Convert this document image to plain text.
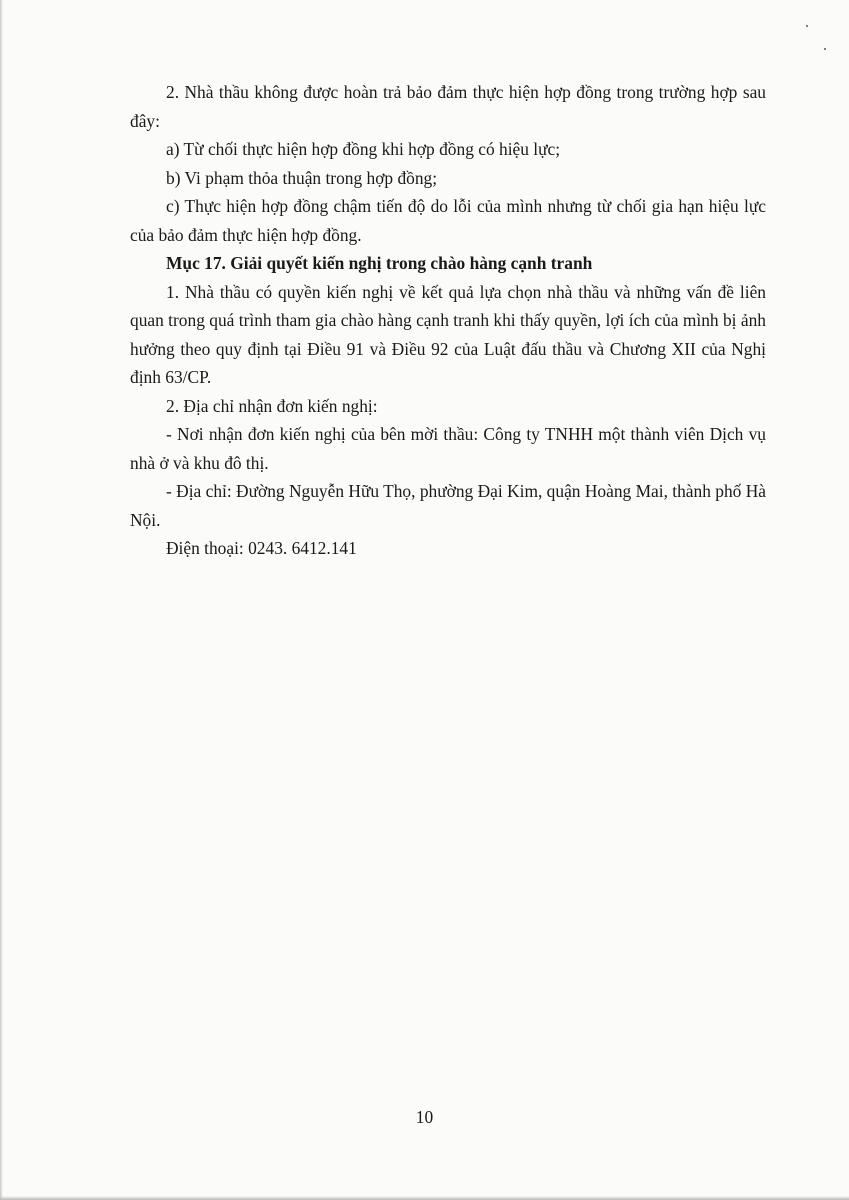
2. Nhà thầu không được hoàn trả bảo đảm thực hiện hợp đồng trong trường hợp sau đây:

a) Từ chối thực hiện hợp đồng khi hợp đồng có hiệu lực;

b) Vi phạm thỏa thuận trong hợp đồng;

c) Thực hiện hợp đồng chậm tiến độ do lỗi của mình nhưng từ chối gia hạn hiệu lực của bảo đảm thực hiện hợp đồng.

Mục 17. Giải quyết kiến nghị trong chào hàng cạnh tranh

1. Nhà thầu có quyền kiến nghị về kết quả lựa chọn nhà thầu và những vấn đề liên quan trong quá trình tham gia chào hàng cạnh tranh khi thấy quyền, lợi ích của mình bị ảnh hưởng theo quy định tại Điều 91 và Điều 92 của Luật đấu thầu và Chương XII của Nghị định 63/CP.

2. Địa chỉ nhận đơn kiến nghị:

- Nơi nhận đơn kiến nghị của bên mời thầu: Công ty TNHH một thành viên Dịch vụ nhà ở và khu đô thị.

- Địa chỉ: Đường Nguyễn Hữu Thọ, phường Đại Kim, quận Hoàng Mai, thành phố Hà Nội.

Điện thoại: 0243. 6412.141

10
